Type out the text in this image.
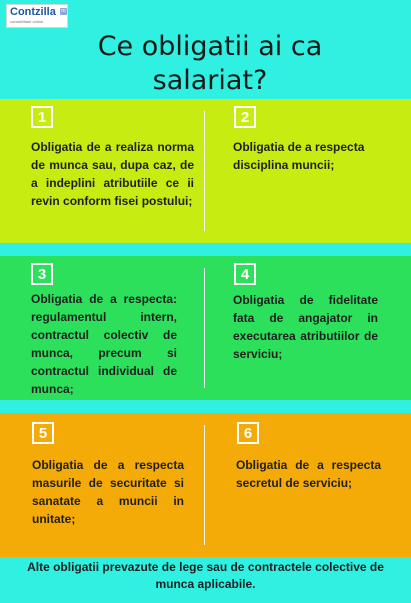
Contzilla ro
contabilitate online
Ce obligatii ai ca salariat?
1
Obligatia de a realiza norma de munca sau, dupa caz, de a indeplini atributiile ce ii revin conform fisei postului;
2
Obligatia de a respecta disciplina muncii;
3
Obligatia de a respecta: regulamentul intern, contractul colectiv de munca, precum si contractul individual de munca;
4
Obligatia de fidelitate fata de angajator in executarea atributiilor de serviciu;
5
Obligatia de a respecta masurile de securitate si sanatate a muncii in unitate;
6
Obligatia de a respecta secretul de serviciu;
Alte obligatii prevazute de lege sau de contractele colective de munca aplicabile.
